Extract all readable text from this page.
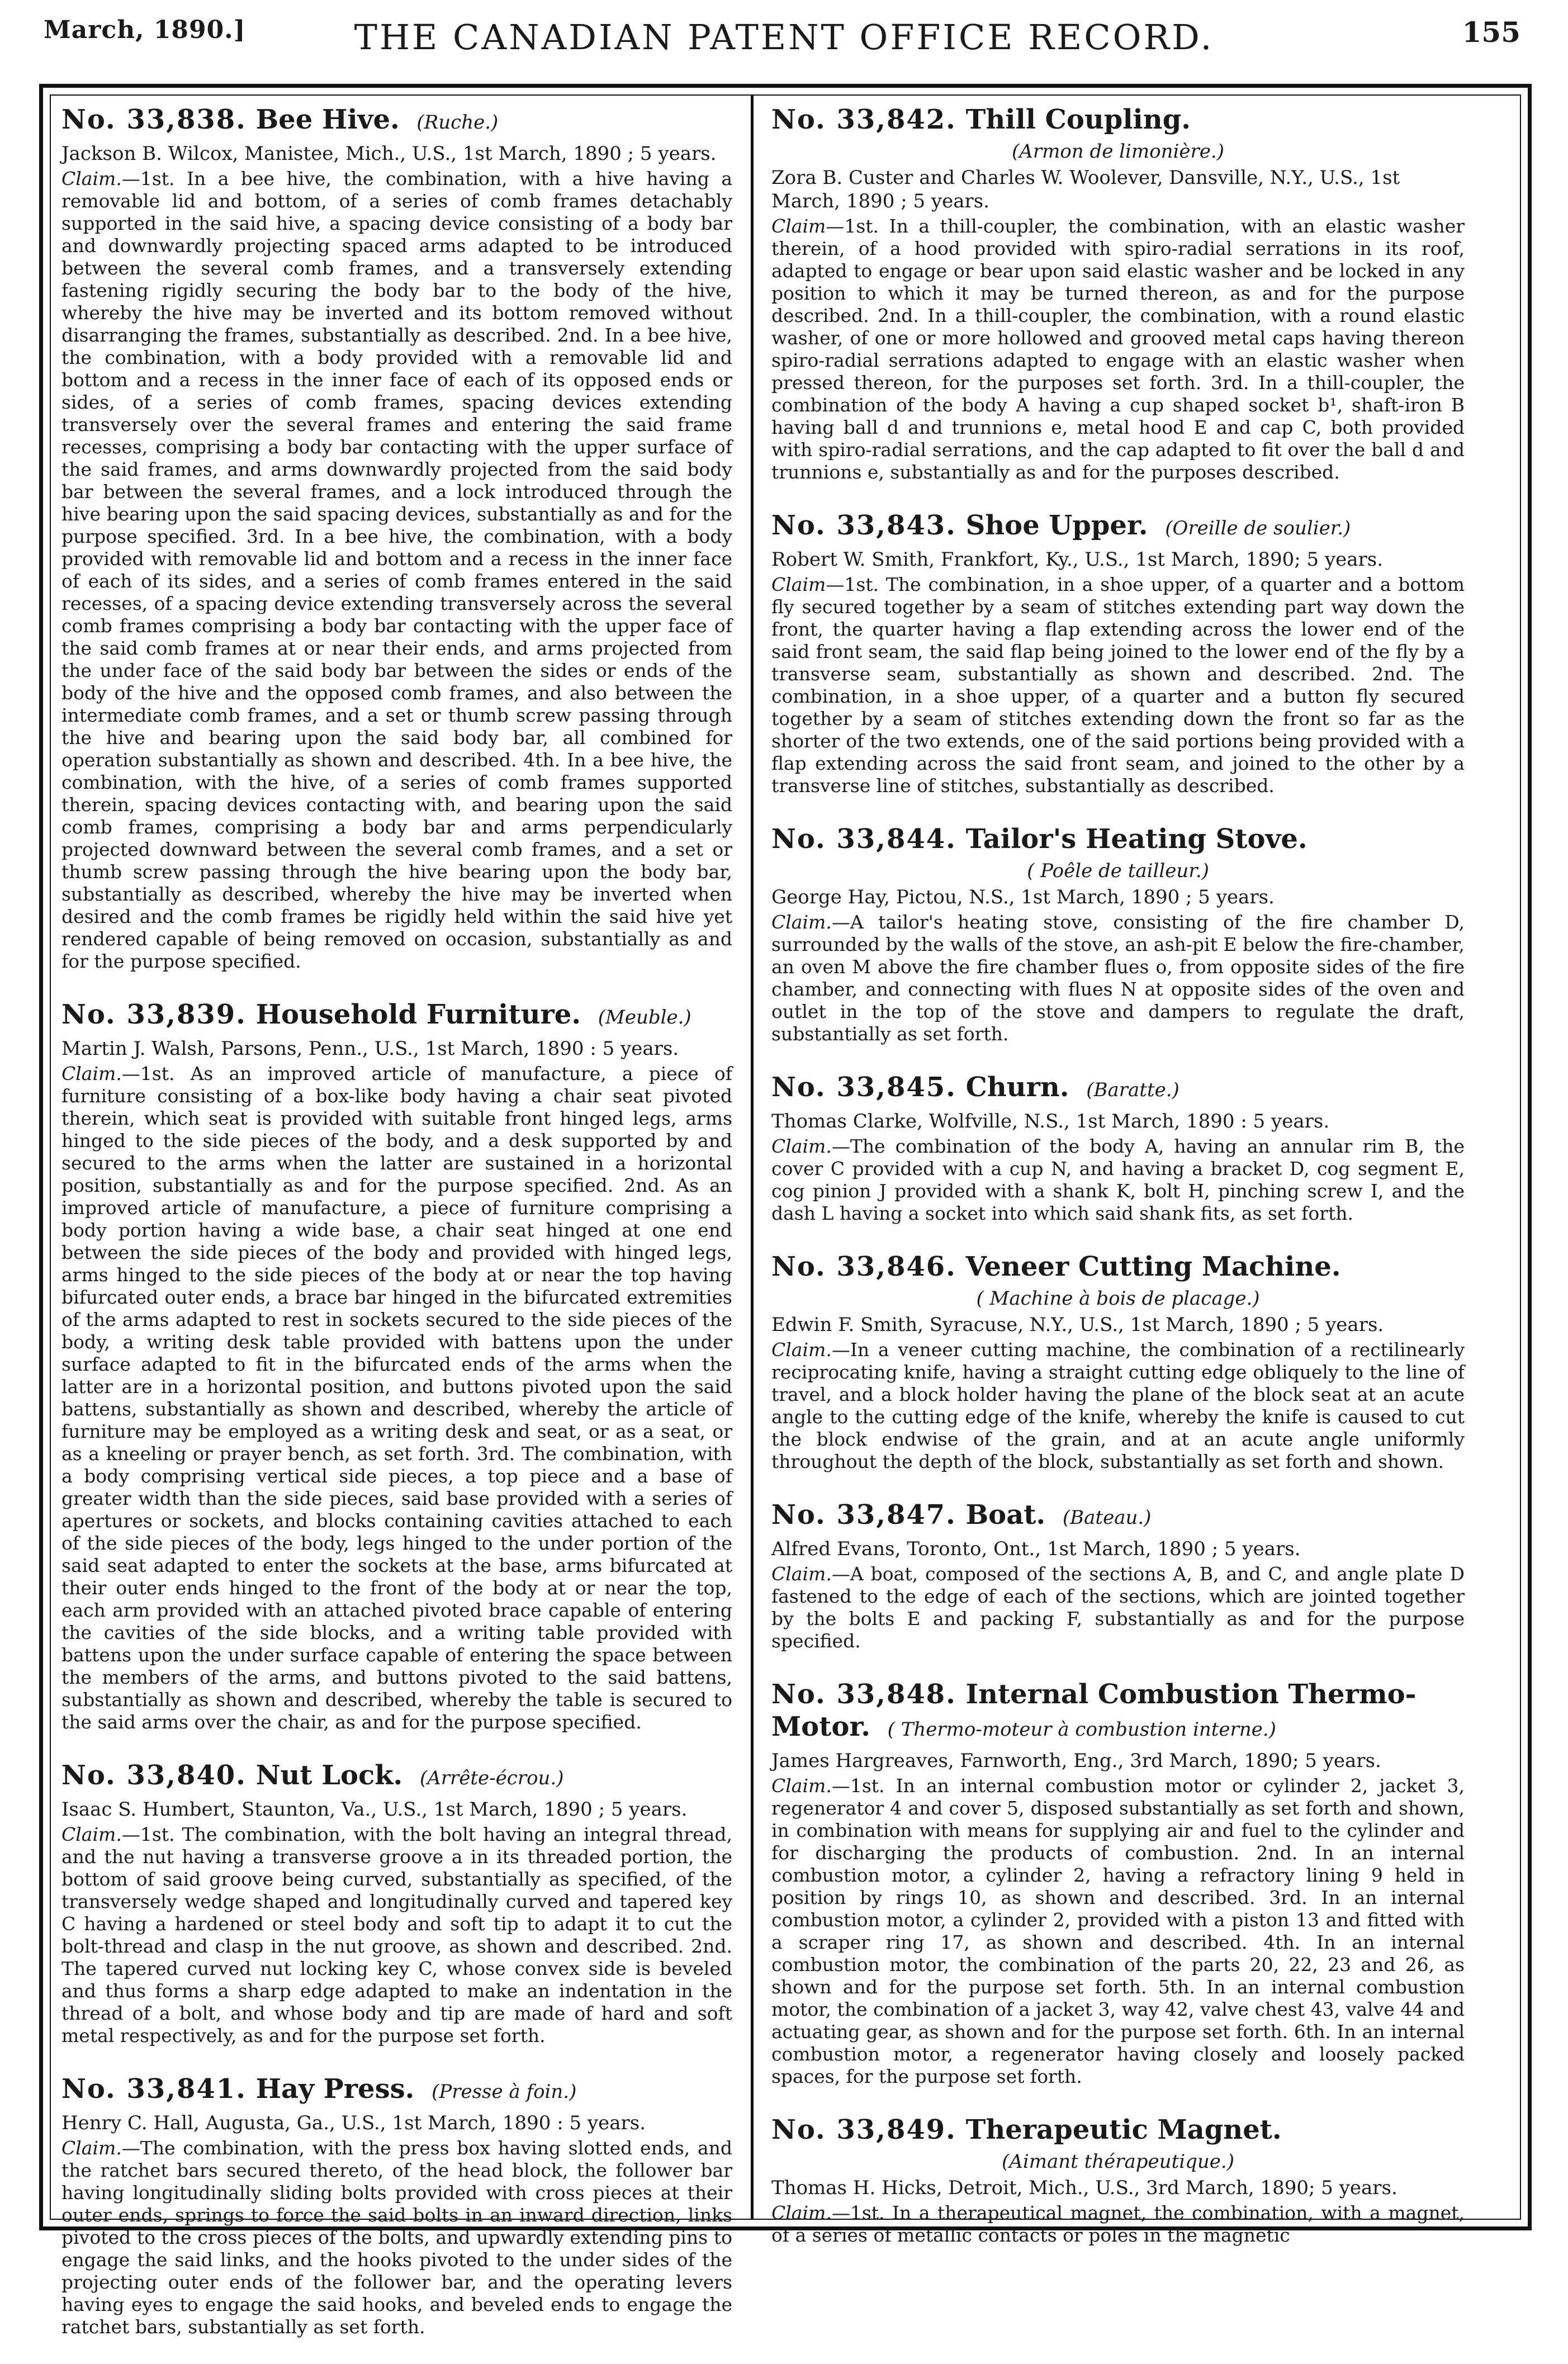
March, 1890.]	THE CANADIAN PATENT OFFICE RECORD.	155
No. 33,838. Bee Hive. (Ruche.)
Jackson B. Wilcox, Manistee, Mich., U.S., 1st March, 1890 ; 5 years.

Claim.—1st. In a bee hive, the combination, with a hive having a removable lid and bottom, of a series of comb frames detachably supported in the said hive, a spacing device consisting of a body bar and downwardly projecting spaced arms adapted to be introduced between the several comb frames, and a transversely extending fastening rigidly securing the body bar to the body of the hive, whereby the hive may be inverted and its bottom removed without disarranging the frames, substantially as described. 2nd. In a bee hive, the combination, with a body provided with a removable lid and bottom and a recess in the inner face of each of its opposed ends or sides, of a series of comb frames, spacing devices extending transversely over the several frames and entering the said frame recesses, comprising a body bar contacting with the upper surface of the said frames, and arms downwardly projected from the said body bar between the several frames, and a lock introduced through the hive bearing upon the said spacing devices, substantially as and for the purpose specified. 3rd. In a bee hive, the combination, with a body provided with removable lid and bottom and a recess in the inner face of each of its sides, and a series of comb frames entered in the said recesses, of a spacing device extending transversely across the several comb frames comprising a body bar contacting with the upper face of the said comb frames at or near their ends, and arms projected from the under face of the said body bar between the sides or ends of the body of the hive and the opposed comb frames, and also between the intermediate comb frames, and a set or thumb screw passing through the hive and bearing upon the said body bar, all combined for operation substantially as shown and described. 4th. In a bee hive, the combination, with the hive, of a series of comb frames supported therein, spacing devices contacting with, and bearing upon the said comb frames, comprising a body bar and arms perpendicularly projected downward between the several comb frames, and a set or thumb screw passing through the hive bearing upon the body bar, substantially as described, whereby the hive may be inverted when desired and the comb frames be rigidly held within the said hive yet rendered capable of being removed on occasion, substantially as and for the purpose specified.

No. 33,839. Household Furniture. (Meuble.)
Martin J. Walsh, Parsons, Penn., U.S., 1st March, 1890 : 5 years.

Claim.—1st. As an improved article of manufacture, a piece of furniture consisting of a box-like body having a chair seat pivoted therein, which seat is provided with suitable front hinged legs, arms hinged to the side pieces of the body, and a desk supported by and secured to the arms when the latter are sustained in a horizontal position, substantially as and for the purpose specified. 2nd. As an improved article of manufacture, a piece of furniture comprising a body portion having a wide base, a chair seat hinged at one end between the side pieces of the body and provided with hinged legs, arms hinged to the side pieces of the body at or near the top having bifurcated outer ends, a brace bar hinged in the bifurcated extremities of the arms adapted to rest in sockets secured to the side pieces of the body, a writing desk table provided with battens upon the under surface adapted to fit in the bifurcated ends of the arms when the latter are in a horizontal position, and buttons pivoted upon the said battens, substantially as shown and described, whereby the article of furniture may be employed as a writing desk and seat, or as a seat, or as a kneeling or prayer bench, as set forth. 3rd. The combination, with a body comprising vertical side pieces, a top piece and a base of greater width than the side pieces, said base provided with a series of apertures or sockets, and blocks containing cavities attached to each of the side pieces of the body, legs hinged to the under portion of the said seat adapted to enter the sockets at the base, arms bifurcated at their outer ends hinged to the front of the body at or near the top, each arm provided with an attached pivoted brace capable of entering the cavities of the side blocks, and a writing table provided with battens upon the under surface capable of entering the space between the members of the arms, and buttons pivoted to the said battens, substantially as shown and described, whereby the table is secured to the said arms over the chair, as and for the purpose specified.

No. 33,840. Nut Lock. (Arrête-écrou.)
Isaac S. Humbert, Staunton, Va., U.S., 1st March, 1890 ; 5 years.

Claim.—1st. The combination, with the bolt having an integral thread, and the nut having a transverse groove a in its threaded portion, the bottom of said groove being curved, substantially as specified, of the transversely wedge shaped and longitudinally curved and tapered key C having a hardened or steel body and soft tip to adapt it to cut the bolt-thread and clasp in the nut groove, as shown and described. 2nd. The tapered curved nut locking key C, whose convex side is beveled and thus forms a sharp edge adapted to make an indentation in the thread of a bolt, and whose body and tip are made of hard and soft metal respectively, as and for the purpose set forth.

No. 33,841. Hay Press. (Presse à foin.)
Henry C. Hall, Augusta, Ga., U.S., 1st March, 1890 : 5 years.

Claim.—The combination, with the press box having slotted ends, and the ratchet bars secured thereto, of the head block, the follower bar having longitudinally sliding bolts provided with cross pieces at their outer ends, springs to force the said bolts in an inward direction, links pivoted to the cross pieces of the bolts, and upwardly extending pins to engage the said links, and the hooks pivoted to the under sides of the projecting outer ends of the follower bar, and the operating levers having eyes to engage the said hooks, and beveled ends to engage the ratchet bars, substantially as set forth.

No. 33,842. Thill Coupling.
(Armon de limonière.)
Zora B. Custer and Charles W. Woolever, Dansville, N.Y., U.S., 1st March, 1890 ; 5 years.

Claim—1st. In a thill-coupler, the combination, with an elastic washer therein, of a hood provided with spiro-radial serrations in its roof, adapted to engage or bear upon said elastic washer and be locked in any position to which it may be turned thereon, as and for the purpose described. 2nd. In a thill-coupler, the combination, with a round elastic washer, of one or more hollowed and grooved metal caps having thereon spiro-radial serrations adapted to engage with an elastic washer when pressed thereon, for the purposes set forth. 3rd. In a thill-coupler, the combination of the body A having a cup shaped socket b¹, shaft-iron B having ball d and trunnions e, metal hood E and cap C, both provided with spiro-radial serrations, and the cap adapted to fit over the ball d and trunnions e, substantially as and for the purposes described.

No. 33,843. Shoe Upper. (Oreille de soulier.)
Robert W. Smith, Frankfort, Ky., U.S., 1st March, 1890; 5 years.

Claim—1st. The combination, in a shoe upper, of a quarter and a bottom fly secured together by a seam of stitches extending part way down the front, the quarter having a flap extending across the lower end of the said front seam, the said flap being joined to the lower end of the fly by a transverse seam, substantially as shown and described. 2nd. The combination, in a shoe upper, of a quarter and a button fly secured together by a seam of stitches extending down the front so far as the shorter of the two extends, one of the said portions being provided with a flap extending across the said front seam, and joined to the other by a transverse line of stitches, substantially as described.

No. 33,844. Tailor's Heating Stove.
( Poêle de tailleur.)
George Hay, Pictou, N.S., 1st March, 1890 ; 5 years.

Claim.—A tailor's heating stove, consisting of the fire chamber D, surrounded by the walls of the stove, an ash-pit E below the fire-chamber, an oven M above the fire chamber flues o, from opposite sides of the fire chamber, and connecting with flues N at opposite sides of the oven and outlet in the top of the stove and dampers to regulate the draft, substantially as set forth.

No. 33,845. Churn. (Baratte.)
Thomas Clarke, Wolfville, N.S., 1st March, 1890 : 5 years.

Claim.—The combination of the body A, having an annular rim B, the cover C provided with a cup N, and having a bracket D, cog segment E, cog pinion J provided with a shank K, bolt H, pinching screw I, and the dash L having a socket into which said shank fits, as set forth.

No. 33,846. Veneer Cutting Machine.
( Machine à bois de placage.)
Edwin F. Smith, Syracuse, N.Y., U.S., 1st March, 1890 ; 5 years.

Claim.—In a veneer cutting machine, the combination of a rectilinearly reciprocating knife, having a straight cutting edge obliquely to the line of travel, and a block holder having the plane of the block seat at an acute angle to the cutting edge of the knife, whereby the knife is caused to cut the block endwise of the grain, and at an acute angle uniformly throughout the depth of the block, substantially as set forth and shown.

No. 33,847. Boat. (Bateau.)
Alfred Evans, Toronto, Ont., 1st March, 1890 ; 5 years.

Claim.—A boat, composed of the sections A, B, and C, and angle plate D fastened to the edge of each of the sections, which are jointed together by the bolts E and packing F, substantially as and for the purpose specified.

No. 33,848. Internal Combustion Thermo-Motor. ( Thermo-moteur à combustion interne.)
James Hargreaves, Farnworth, Eng., 3rd March, 1890; 5 years.

Claim.—1st. In an internal combustion motor or cylinder 2, jacket 3, regenerator 4 and cover 5, disposed substantially as set forth and shown, in combination with means for supplying air and fuel to the cylinder and for discharging the products of combustion. 2nd. In an internal combustion motor, a cylinder 2, having a refractory lining 9 held in position by rings 10, as shown and described. 3rd. In an internal combustion motor, a cylinder 2, provided with a piston 13 and fitted with a scraper ring 17, as shown and described. 4th. In an internal combustion motor, the combination of the parts 20, 22, 23 and 26, as shown and for the purpose set forth. 5th. In an internal combustion motor, the combination of a jacket 3, way 42, valve chest 43, valve 44 and actuating gear, as shown and for the purpose set forth. 6th. In an internal combustion motor, a regenerator having closely and loosely packed spaces, for the purpose set forth.

No. 33,849. Therapeutic Magnet.
(Aimant thérapeutique.)
Thomas H. Hicks, Detroit, Mich., U.S., 3rd March, 1890; 5 years.

Claim.—1st. In a therapeutical magnet, the combination, with a magnet, of a series of metallic contacts or poles in the magnetic
